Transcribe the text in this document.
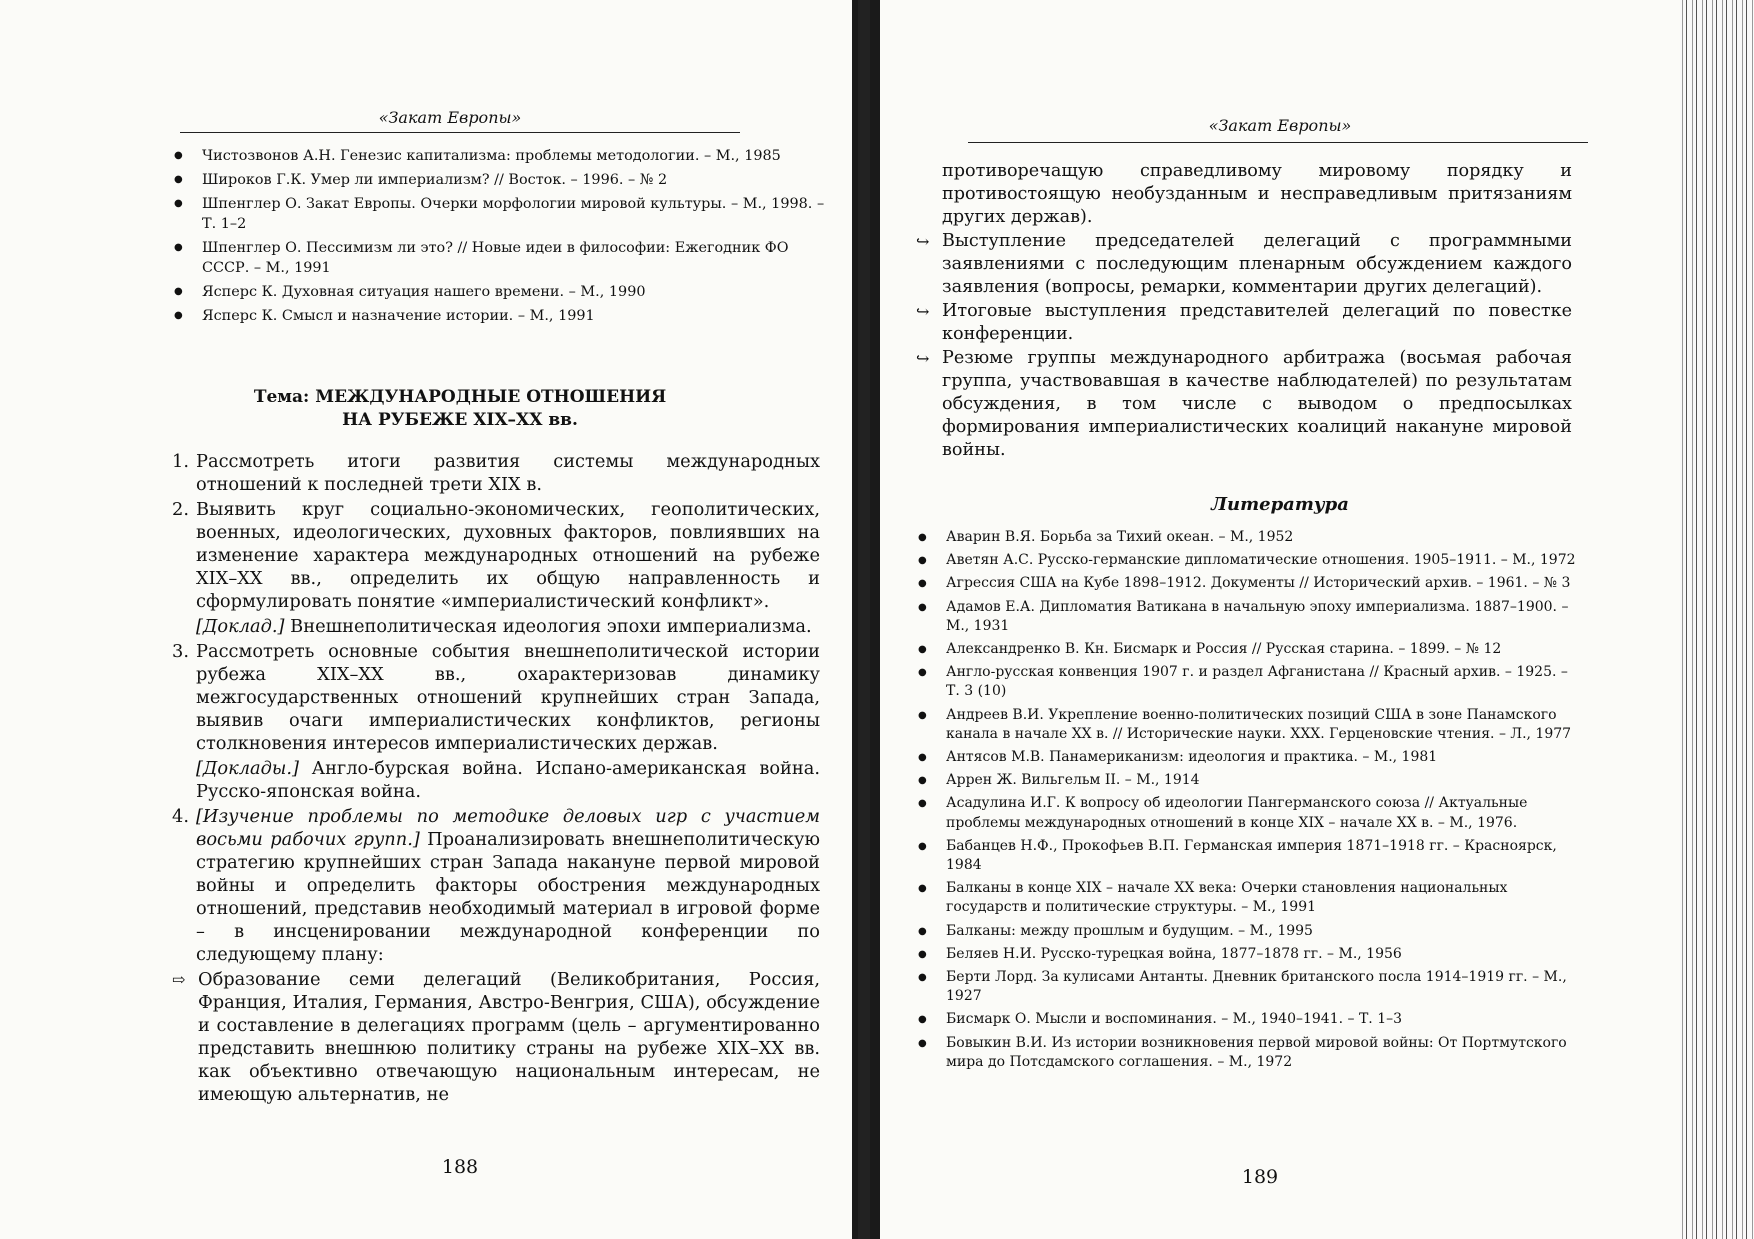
«Закат Европы»
● Чистозвонов А.Н. Генезис капитализма: проблемы методологии. – М., 1985
● Широков Г.К. Умер ли империализм? // Восток. – 1996. – № 2
● Шпенглер О. Закат Европы. Очерки морфологии мировой культуры. – М., 1998. – Т. 1–2
● Шпенглер О. Пессимизм ли это? // Новые идеи в философии: Ежегодник ФО СССР. – М., 1991
● Ясперс К. Духовная ситуация нашего времени. – М., 1990
● Ясперс К. Смысл и назначение истории. – М., 1991
Тема: МЕЖДУНАРОДНЫЕ ОТНОШЕНИЯ
НА РУБЕЖЕ XIX–XX вв.
1. Рассмотреть итоги развития системы международных отношений к последней трети XIX в.
2. Выявить круг социально-экономических, геополитических, военных, идеологических, духовных факторов, повлиявших на изменение характера международных отношений на рубеже XIX–XX вв., определить их общую направленность и сформулировать понятие «империалистический конфликт».
[Доклад.] Внешнеполитическая идеология эпохи империализма.
3. Рассмотреть основные события внешнеполитической истории рубежа XIX–XX вв., охарактеризовав динамику межгосударственных отношений крупнейших стран Запада, выявив очаги империалистических конфликтов, регионы столкновения интересов империалистических держав.
[Доклады.] Англо-бурская война. Испано-американская война. Русско-японская война.
4. [Изучение проблемы по методике деловых игр с участием восьми рабочих групп.] Проанализировать внешнеполитическую стратегию крупнейших стран Запада накануне первой мировой войны и определить факторы обострения международных отношений, представив необходимый материал в игровой форме – в инсценировании международной конференции по следующему плану:
⇨ Образование семи делегаций (Великобритания, Россия, Франция, Италия, Германия, Австро-Венгрия, США), обсуждение и составление в делегациях программ (цель – аргументированно представить внешнюю политику страны на рубеже XIX–XX вв. как объективно отвечающую национальным интересам, не имеющую альтернатив, не
188
«Закат Европы»
противоречащую справедливому мировому порядку и противостоящую необузданным и несправедливым притязаниям других держав).
↪ Выступление председателей делегаций с программными заявлениями с последующим пленарным обсуждением каждого заявления (вопросы, ремарки, комментарии других делегаций).
↪ Итоговые выступления представителей делегаций по повестке конференции.
↪ Резюме группы международного арбитража (восьмая рабочая группа, участвовавшая в качестве наблюдателей) по результатам обсуждения, в том числе с выводом о предпосылках формирования империалистических коалиций накануне мировой войны.
Литература
● Аварин В.Я. Борьба за Тихий океан. – М., 1952
● Аветян А.С. Русско-германские дипломатические отношения. 1905–1911. – М., 1972
● Агрессия США на Кубе 1898–1912. Документы // Исторический архив. – 1961. – № 3
● Адамов Е.А. Дипломатия Ватикана в начальную эпоху империализма. 1887–1900. – М., 1931
● Александренко В. Кн. Бисмарк и Россия // Русская старина. – 1899. – № 12
● Англо-русская конвенция 1907 г. и раздел Афганистана // Красный архив. – 1925. – Т. 3 (10)
● Андреев В.И. Укрепление военно-политических позиций США в зоне Панамского канала в начале XX в. // Исторические науки. XXX. Герценовские чтения. – Л., 1977
● Антясов М.В. Панамериканизм: идеология и практика. – М., 1981
● Аррен Ж. Вильгельм II. – М., 1914
● Асадулина И.Г. К вопросу об идеологии Пангерманского союза // Актуальные проблемы международных отношений в конце XIX – начале XX в. – М., 1976.
● Бабанцев Н.Ф., Прокофьев В.П. Германская империя 1871–1918 гг. – Красноярск, 1984
● Балканы в конце XIX – начале XX века: Очерки становления национальных государств и политические структуры. – М., 1991
● Балканы: между прошлым и будущим. – М., 1995
● Беляев Н.И. Русско-турецкая война, 1877–1878 гг. – М., 1956
● Берти Лорд. За кулисами Антанты. Дневник британского посла 1914–1919 гг. – М., 1927
● Бисмарк О. Мысли и воспоминания. – М., 1940–1941. – Т. 1–3
● Бовыкин В.И. Из истории возникновения первой мировой войны: От Портмутского мира до Потсдамского соглашения. – М., 1972
189
